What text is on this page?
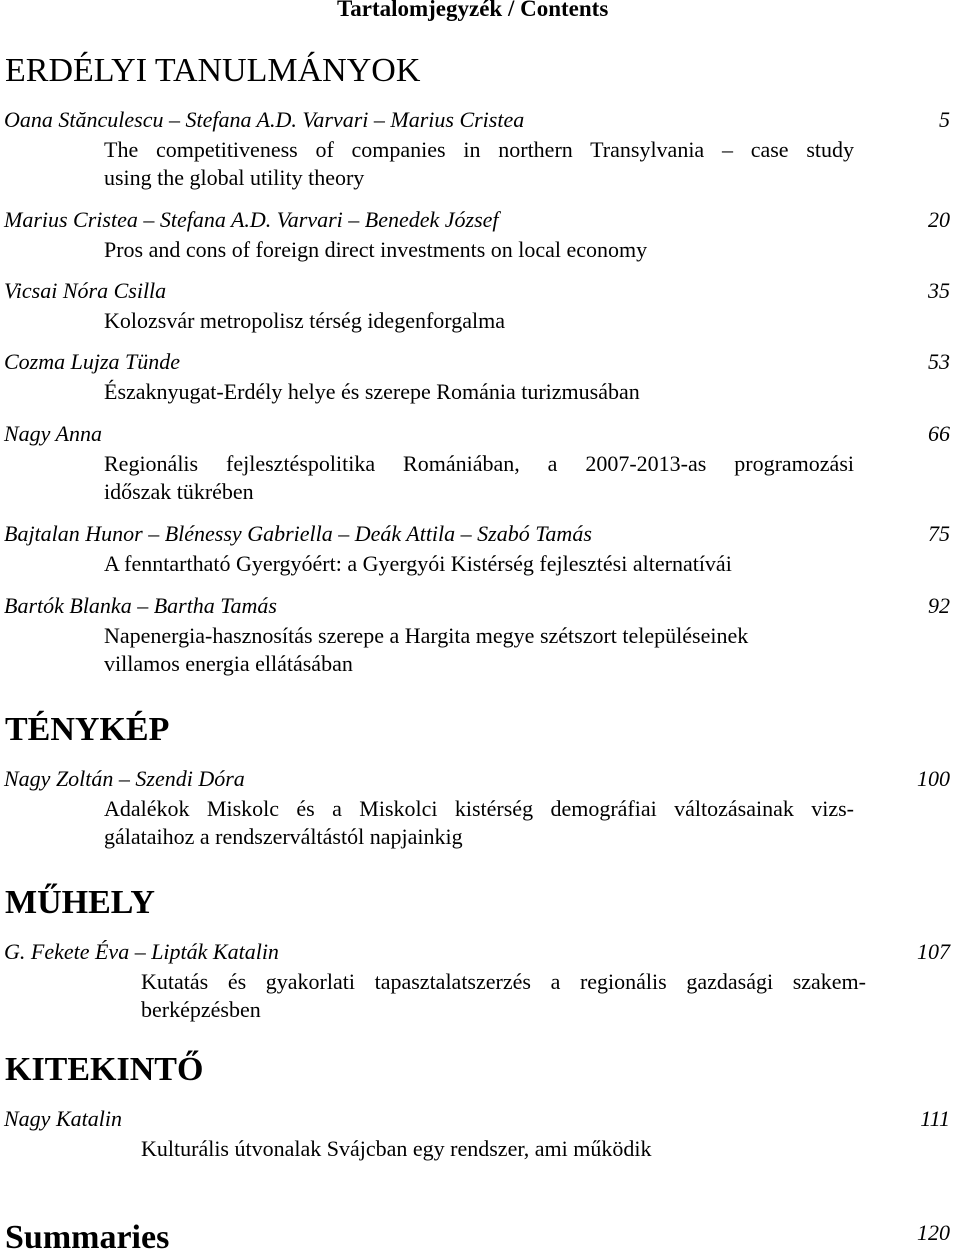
Tartalomjegyzék / Contents
ERDÉLYI TANULMÁNYOK
Oana Stănculescu – Stefana A.D. Varvari – Marius Cristea	5
The competitiveness of companies in northern Transylvania – case study
using the global utility theory
Marius Cristea – Stefana A.D. Varvari – Benedek József	20
Pros and cons of foreign direct investments on local economy
Vicsai Nóra Csilla	35
Kolozsvár metropolisz térség idegenforgalma
Cozma Lujza Tünde	53
Északnyugat-Erdély helye és szerepe Románia turizmusában
Nagy Anna	66
Regionális fejlesztéspolitika Romániában, a 2007-2013-as programozási
időszak tükrében
Bajtalan Hunor – Blénessy Gabriella – Deák Attila – Szabó Tamás	75
A fenntartható Gyergyóért: a Gyergyói Kistérség fejlesztési alternatívái
Bartók Blanka – Bartha Tamás	92
Napenergia-hasznosítás szerepe a Hargita megye szétszort településeinek
villamos energia ellátásában
TÉNYKÉP
Nagy Zoltán – Szendi Dóra	100
Adalékok Miskolc és a Miskolci kistérség demográfiai változásainak vizs-
gálataihoz a rendszerváltástól napjainkig
MŰHELY
G. Fekete Éva – Lipták Katalin	107
Kutatás és gyakorlati tapasztalatszerzés a regionális gazdasági szakem-
berképzésben
KITEKINTŐ
Nagy Katalin	111
Kulturális útvonalak Svájcban egy rendszer, ami működik
Summaries	120
